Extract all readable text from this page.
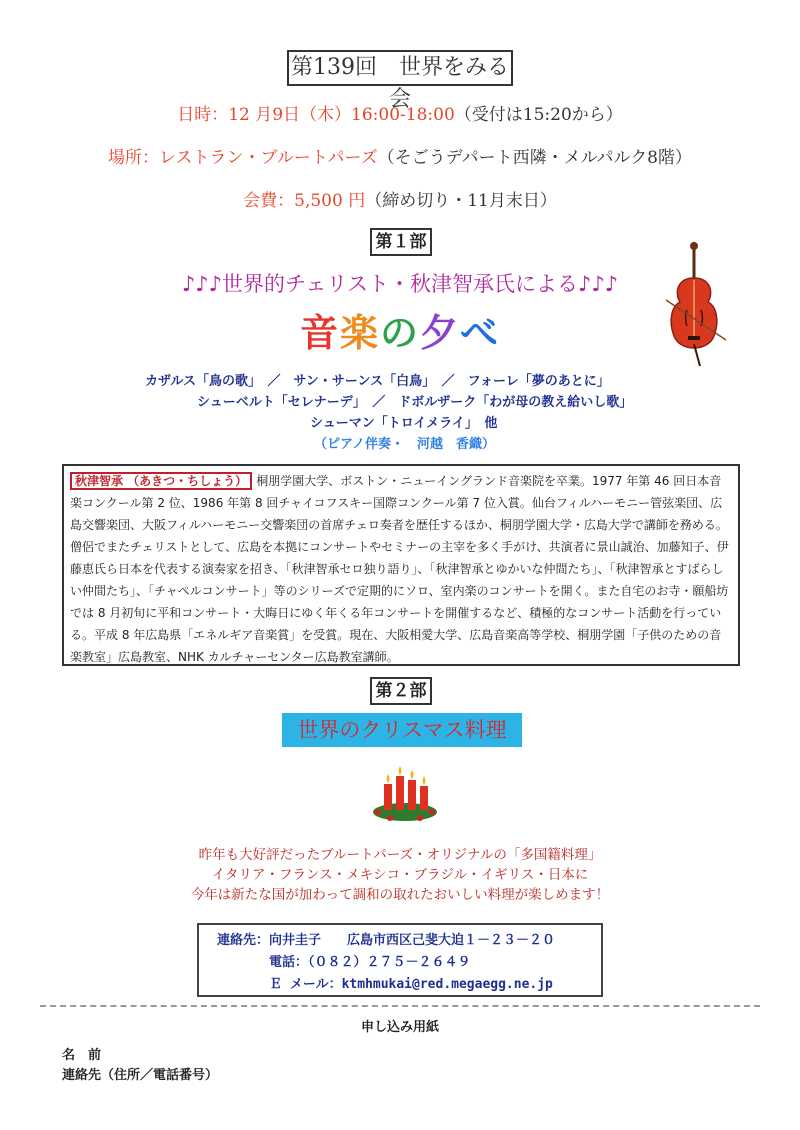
第139回　世界をみる会
日時：12 月9日（木）16:00-18:00（受付は15:20から）
場所：レストラン・ブルートパーズ（そごうデパート西隣・メルパルク8階）
会費：5,500 円（締め切り・11月末日）
第１部
♪♪♪世界的チェリスト・秋津智承氏による♪♪♪
音楽の夕べ
カザルス「鳥の歌」　／　サン・サーンス「白鳥」　／　フォーレ「夢のあとに」
シューベルト「セレナーデ」　／　ドボルザーク「わが母の教え給いし歌」
シューマン「トロイメライ」　他
（ピアノ伴奏・　河越　香織）
秋津智承 （あきつ・ちしょう） 桐朋学園大学、ボストン・ニューイングランド音楽院を卒業。1977 年第 46 回日本音楽コンクール第 2 位、1986 年第 8 回チャイコフスキー国際コンクール第 7 位入賞。仙台フィルハーモニー管弦楽団、広島交響楽団、大阪フィルハーモニー交響楽団の首席チェロ奏者を歴任するほか、桐朋学園大学・広島大学で講師を務める。僧侶でまたチェリストとして、広島を本拠にコンサートやセミナーの主宰を多く手がけ、共演者に景山誠治、加藤知子、伊藤恵氏ら日本を代表する演奏家を招き、「秋津智承セロ独り語り」、「秋津智承とゆかいな仲間たち」、「秋津智承とすばらしい仲間たち」、「チャペルコンサート」等のシリーズで定期的にソロ、室内楽のコンサートを開く。また自宅のお寺・願船坊では 8 月初旬に平和コンサート・大晦日にゆく年くる年コンサートを開催するなど、積極的なコンサート活動を行っている。平成 8 年広島県「エネルギア音楽賞」を受賞。現在、大阪相愛大学、広島音楽高等学校、桐朋学園「子供のための音楽教室」広島教室、NHK カルチャーセンター広島教室講師。
第２部
世界のクリスマス料理
昨年も大好評だったブルートパーズ・オリジナルの「多国籍料理」
イタリア・フランス・メキシコ・ブラジル・イギリス・日本に
今年は新たな国が加わって調和の取れたおいしい料理が楽しめます！
連絡先：向井圭子　　広島市西区己斐大迫１－２３－２０
電話：（０８２）２７５－２６４９
Ｅ メール：ktmhmukai@red.megaegg.ne.jp
申し込み用紙
名　前
連絡先（住所／電話番号）
